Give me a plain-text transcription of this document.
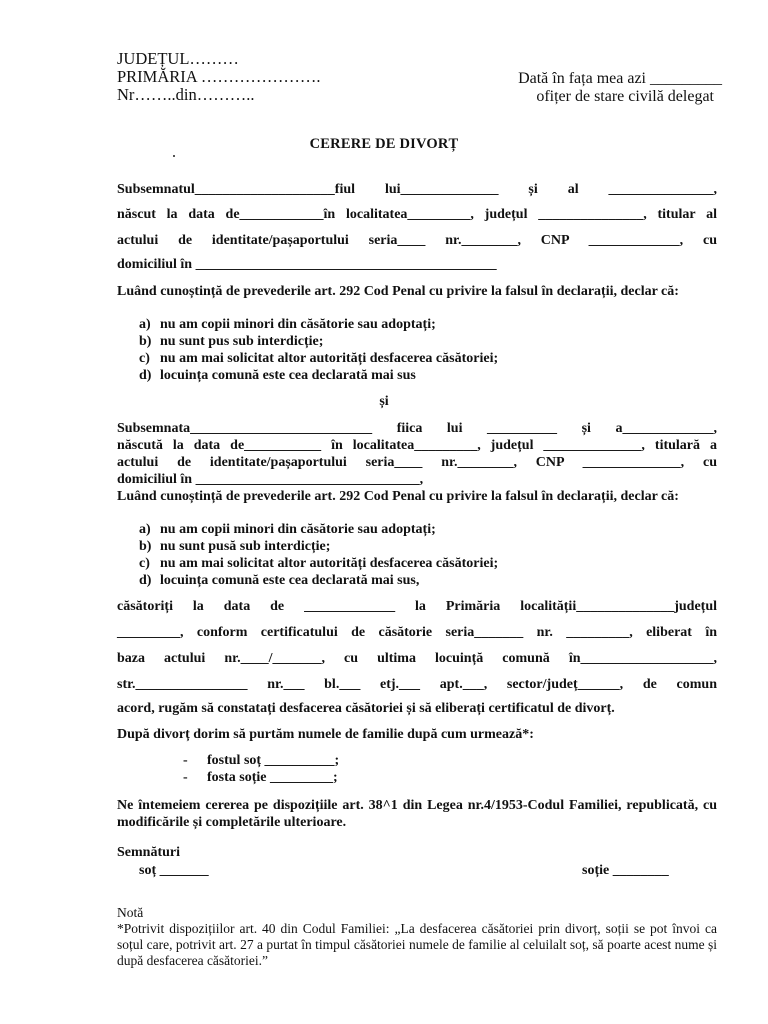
JUDEȚUL………
PRIMĂRIA ………………….
Nr……..din………..
Dată în fața mea azi _________
ofițer de stare civilă delegat
CERERE DE DIVORȚ
Subsemnatul____________________fiul lui______________ și al _______________,
născut la data de____________în localitatea_________, județul _______________, titular al
actului de identitate/pașaportului seria____ nr.________, CNP _____________, cu
domiciliul în ___________________________________________
Luând cunoștință de prevederile art. 292 Cod Penal cu privire la falsul în declarații, declar că:
a) nu am copii minori din căsătorie sau adoptați;
b) nu sunt pus sub interdicție;
c) nu am mai solicitat altor autorități desfacerea căsătoriei;
d) locuința comună este cea declarată mai sus
și
Subsemnata__________________________ fiica lui __________ și a_____________,
născută la data de___________ în localitatea_________, județul ______________, titulară a
actului de identitate/pașaportului seria____ nr.________, CNP ______________, cu
domiciliul în ________________________________,
Luând cunoștință de prevederile art. 292 Cod Penal cu privire la falsul în declarații, declar că:
a) nu am copii minori din căsătorie sau adoptați;
b) nu sunt pusă sub interdicție;
c) nu am mai solicitat altor autorități desfacerea căsătoriei;
d) locuința comună este cea declarată mai sus,
căsătoriți la data de _____________ la Primăria localității______________județul
_________, conform certificatului de căsătorie seria_______ nr. _________, eliberat în
baza actului nr.____/_______, cu ultima locuință comună în___________________,
str.________________ nr.___ bl.___ etj.___ apt.___, sector/județ______, de comun
acord, rugăm să constatați desfacerea căsătoriei și să eliberați certificatul de divorț.
După divorț dorim să purtăm numele de familie după cum urmează*:
- fostul soț __________;
- fosta soție _________;
Ne întemeiem cererea pe dispozițiile art. 38^1 din Legea nr.4/1953-Codul Familiei, republicată, cu modificările și completările ulterioare.
Semnături
soț _______	soție ________
Notă
*Potrivit dispozițiilor art. 40 din Codul Familiei: „La desfacerea căsătoriei prin divorț, soții se pot învoi ca soțul care, potrivit art. 27 a purtat în timpul căsătoriei numele de familie al celuilalt soț, să poarte acest nume și după desfacerea căsătoriei.”
